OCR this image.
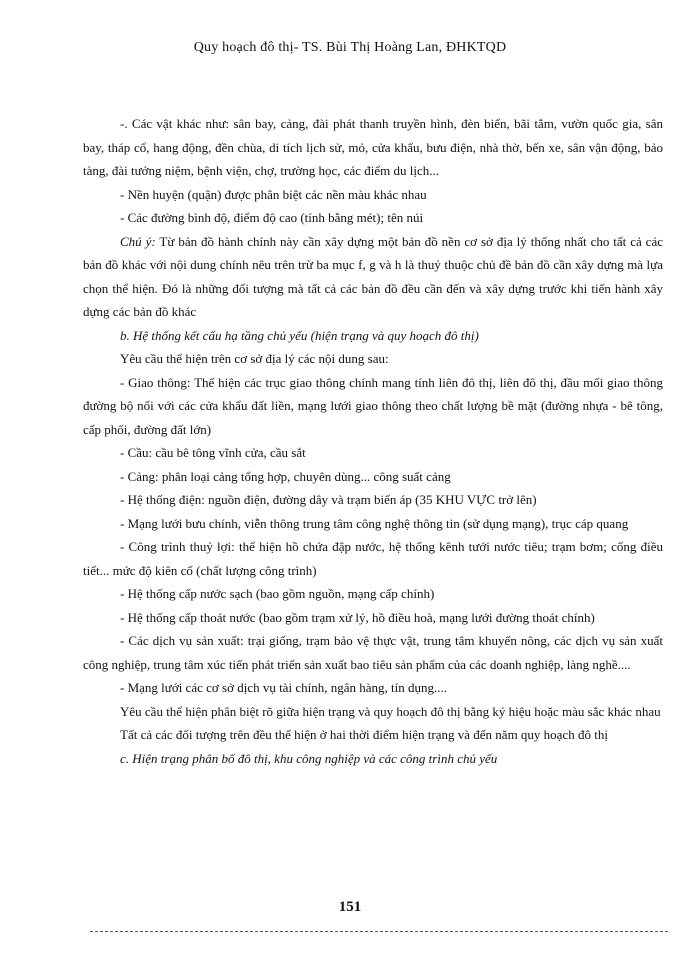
Quy hoạch đô thị- TS. Bùi Thị Hoàng Lan, ĐHKTQD

-. Các vật khác như: sân bay, cảng, đài phát thanh truyền hình, đèn biển, bãi tắm, vườn quốc gia, sân bay, tháp cổ, hang động, đền chùa, di tích lịch sử, mỏ, cửa khẩu, bưu điện, nhà thờ, bến xe, sân vận động, bảo tàng, đài tưởng niệm, bệnh viện, chợ, trường học, các điểm du lịch...

- Nền huyện (quận) được phân biệt các nền màu khác nhau

- Các đường bình độ, điểm độ cao (tính bằng mét); tên núi

Chú ý: Từ bản đồ hành chính này cần xây dựng một bản đồ nền cơ sở địa lý thống nhất cho tất cả các bản đồ khác với nội dung chính nêu trên trừ ba mục f, g và h là thuỷ thuộc chủ đề bản đồ cần xây dựng mà lựa chọn thể hiện. Đó là những đối tượng mà tất cả các bản đồ đều cần đến và xây dựng trước khi tiến hành xây dựng các bản đồ khác

b. Hệ thống kết cấu hạ tầng chủ yếu (hiện trạng và quy hoạch đô thị)

Yêu cầu thể hiện trên cơ sở địa lý các nội dung sau:

- Giao thông: Thể hiện các trục giao thông chính mang tính liên đô thị, liên đô thị, đầu mối giao thông đường bộ nối với các cửa khẩu đất liền, mạng lưới giao thông theo chất lượng bề mặt (đường nhựa - bê tông, cấp phối, đường đất lớn)

- Cầu: cầu bê tông vĩnh cửa, cầu sắt

- Cảng: phân loại cảng tổng hợp, chuyên dùng... công suất cảng

- Hệ thống điện: nguồn điện, đường dây và trạm biến áp (35 KHU VỰC trở lên)

- Mạng lưới bưu chính, viễn thông trung tâm công nghệ thông tin (sử dụng mạng), trục cáp quang

- Công trình thuỷ lợi: thể hiện hồ chứa đập nước, hệ thống kênh tưới nước tiêu; trạm bơm; cống điều tiết... mức độ kiên cố (chất lượng công trình)

- Hệ thống cấp nước sạch (bao gồm nguồn, mạng cấp chính)

- Hệ thống cấp thoát nước (bao gồm trạm xử lý, hồ điều hoà, mạng lưới đường thoát chính)

- Các dịch vụ sản xuất: trại giống, trạm bảo vệ thực vật, trung tâm khuyến nông, các dịch vụ sản xuất công nghiệp, trung tâm xúc tiến phát triển sản xuất bao tiêu sản phẩm của các doanh nghiệp, làng nghề....

- Mạng lưới các cơ sở dịch vụ tài chính, ngân hàng, tín dụng....

Yêu cầu thể hiện phân biệt rõ giữa hiện trạng và quy hoạch đô thị bằng ký hiệu hoặc màu sắc khác nhau

Tất cả các đối tượng trên đều thể hiện ở hai thời điểm hiện trạng và đến năm quy hoạch đô thị

c. Hiện trạng phân bố đô thị, khu công nghiệp và các công trình chủ yếu

151
